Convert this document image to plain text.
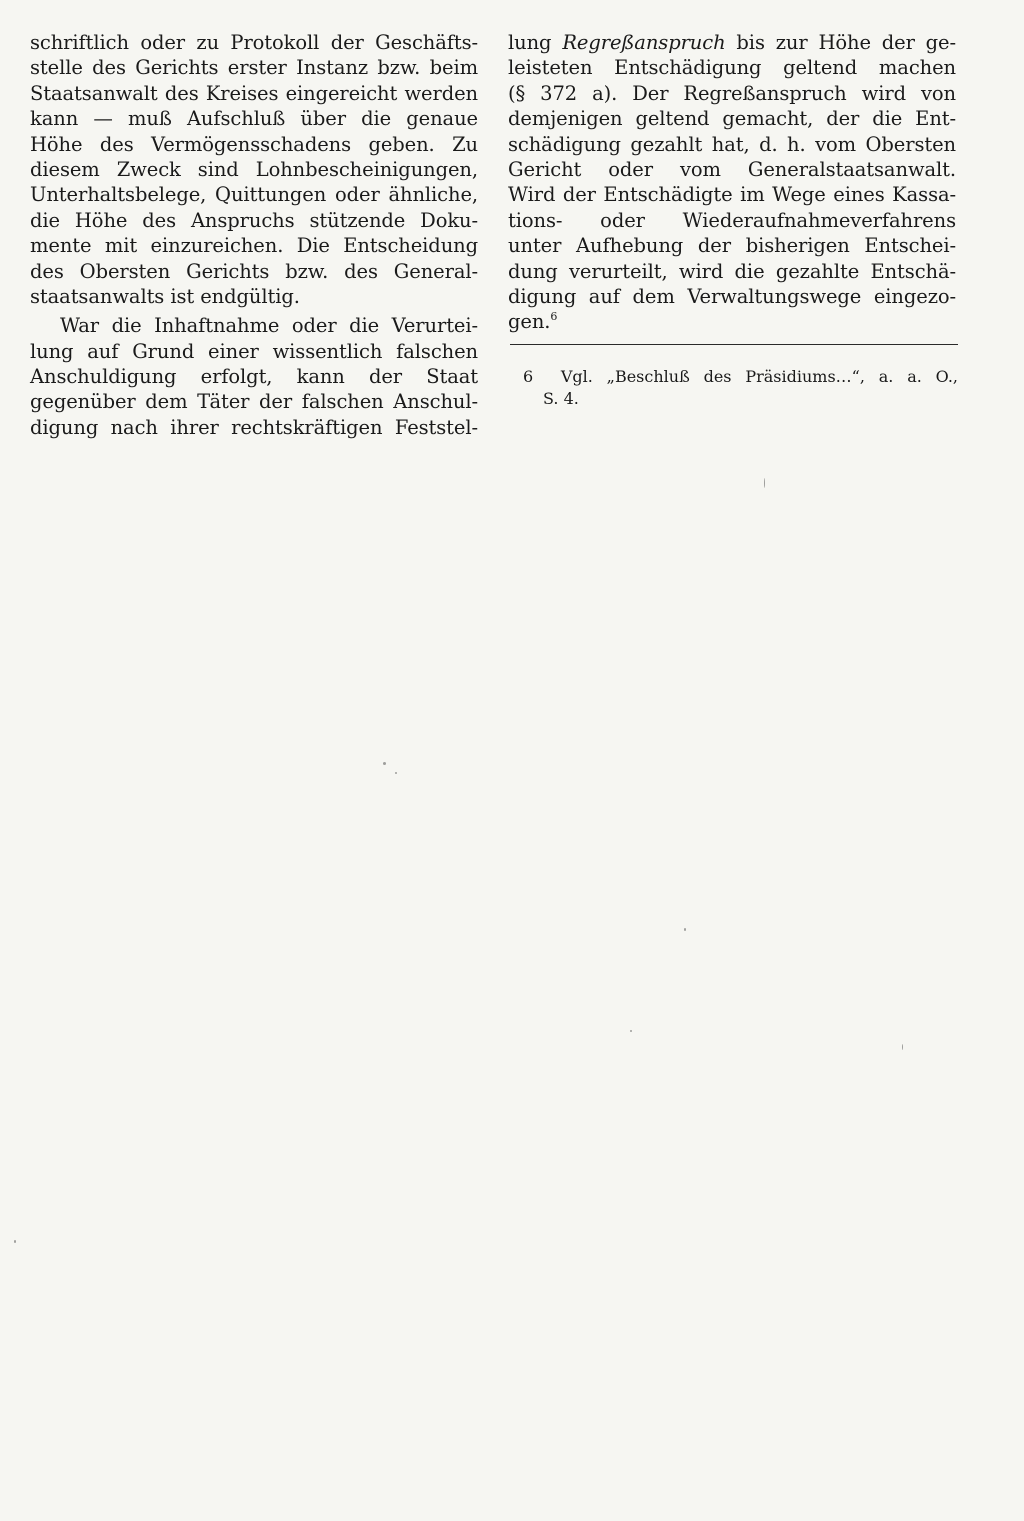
schriftlich oder zu Protokoll der Geschäfts-
stelle des Gerichts erster Instanz bzw. beim
Staatsanwalt des Kreises eingereicht werden
kann — muß Aufschluß über die genaue
Höhe des Vermögensschadens geben. Zu
diesem Zweck sind Lohnbescheinigungen,
Unterhaltsbelege, Quittungen oder ähnliche,
die Höhe des Anspruchs stützende Doku-
mente mit einzureichen. Die Entscheidung
des Obersten Gerichts bzw. des General-
staatsanwalts ist endgültig.
War die Inhaftnahme oder die Verurtei-
lung auf Grund einer wissentlich falschen
Anschuldigung erfolgt, kann der Staat
gegenüber dem Täter der falschen Anschul-
digung nach ihrer rechtskräftigen Feststel-
lung Regreßanspruch bis zur Höhe der ge-
leisteten Entschädigung geltend machen
(§ 372 a). Der Regreßanspruch wird von
demjenigen geltend gemacht, der die Ent-
schädigung gezahlt hat, d. h. vom Obersten
Gericht oder vom Generalstaatsanwalt.
Wird der Entschädigte im Wege eines Kassa-
tions- oder Wiederaufnahmeverfahrens
unter Aufhebung der bisherigen Entschei-
dung verurteilt, wird die gezahlte Entschä-
digung auf dem Verwaltungswege eingezo-
gen.$^6$
6 Vgl. „Beschluß des Präsidiums…“, a. a. O.,
S. 4.
